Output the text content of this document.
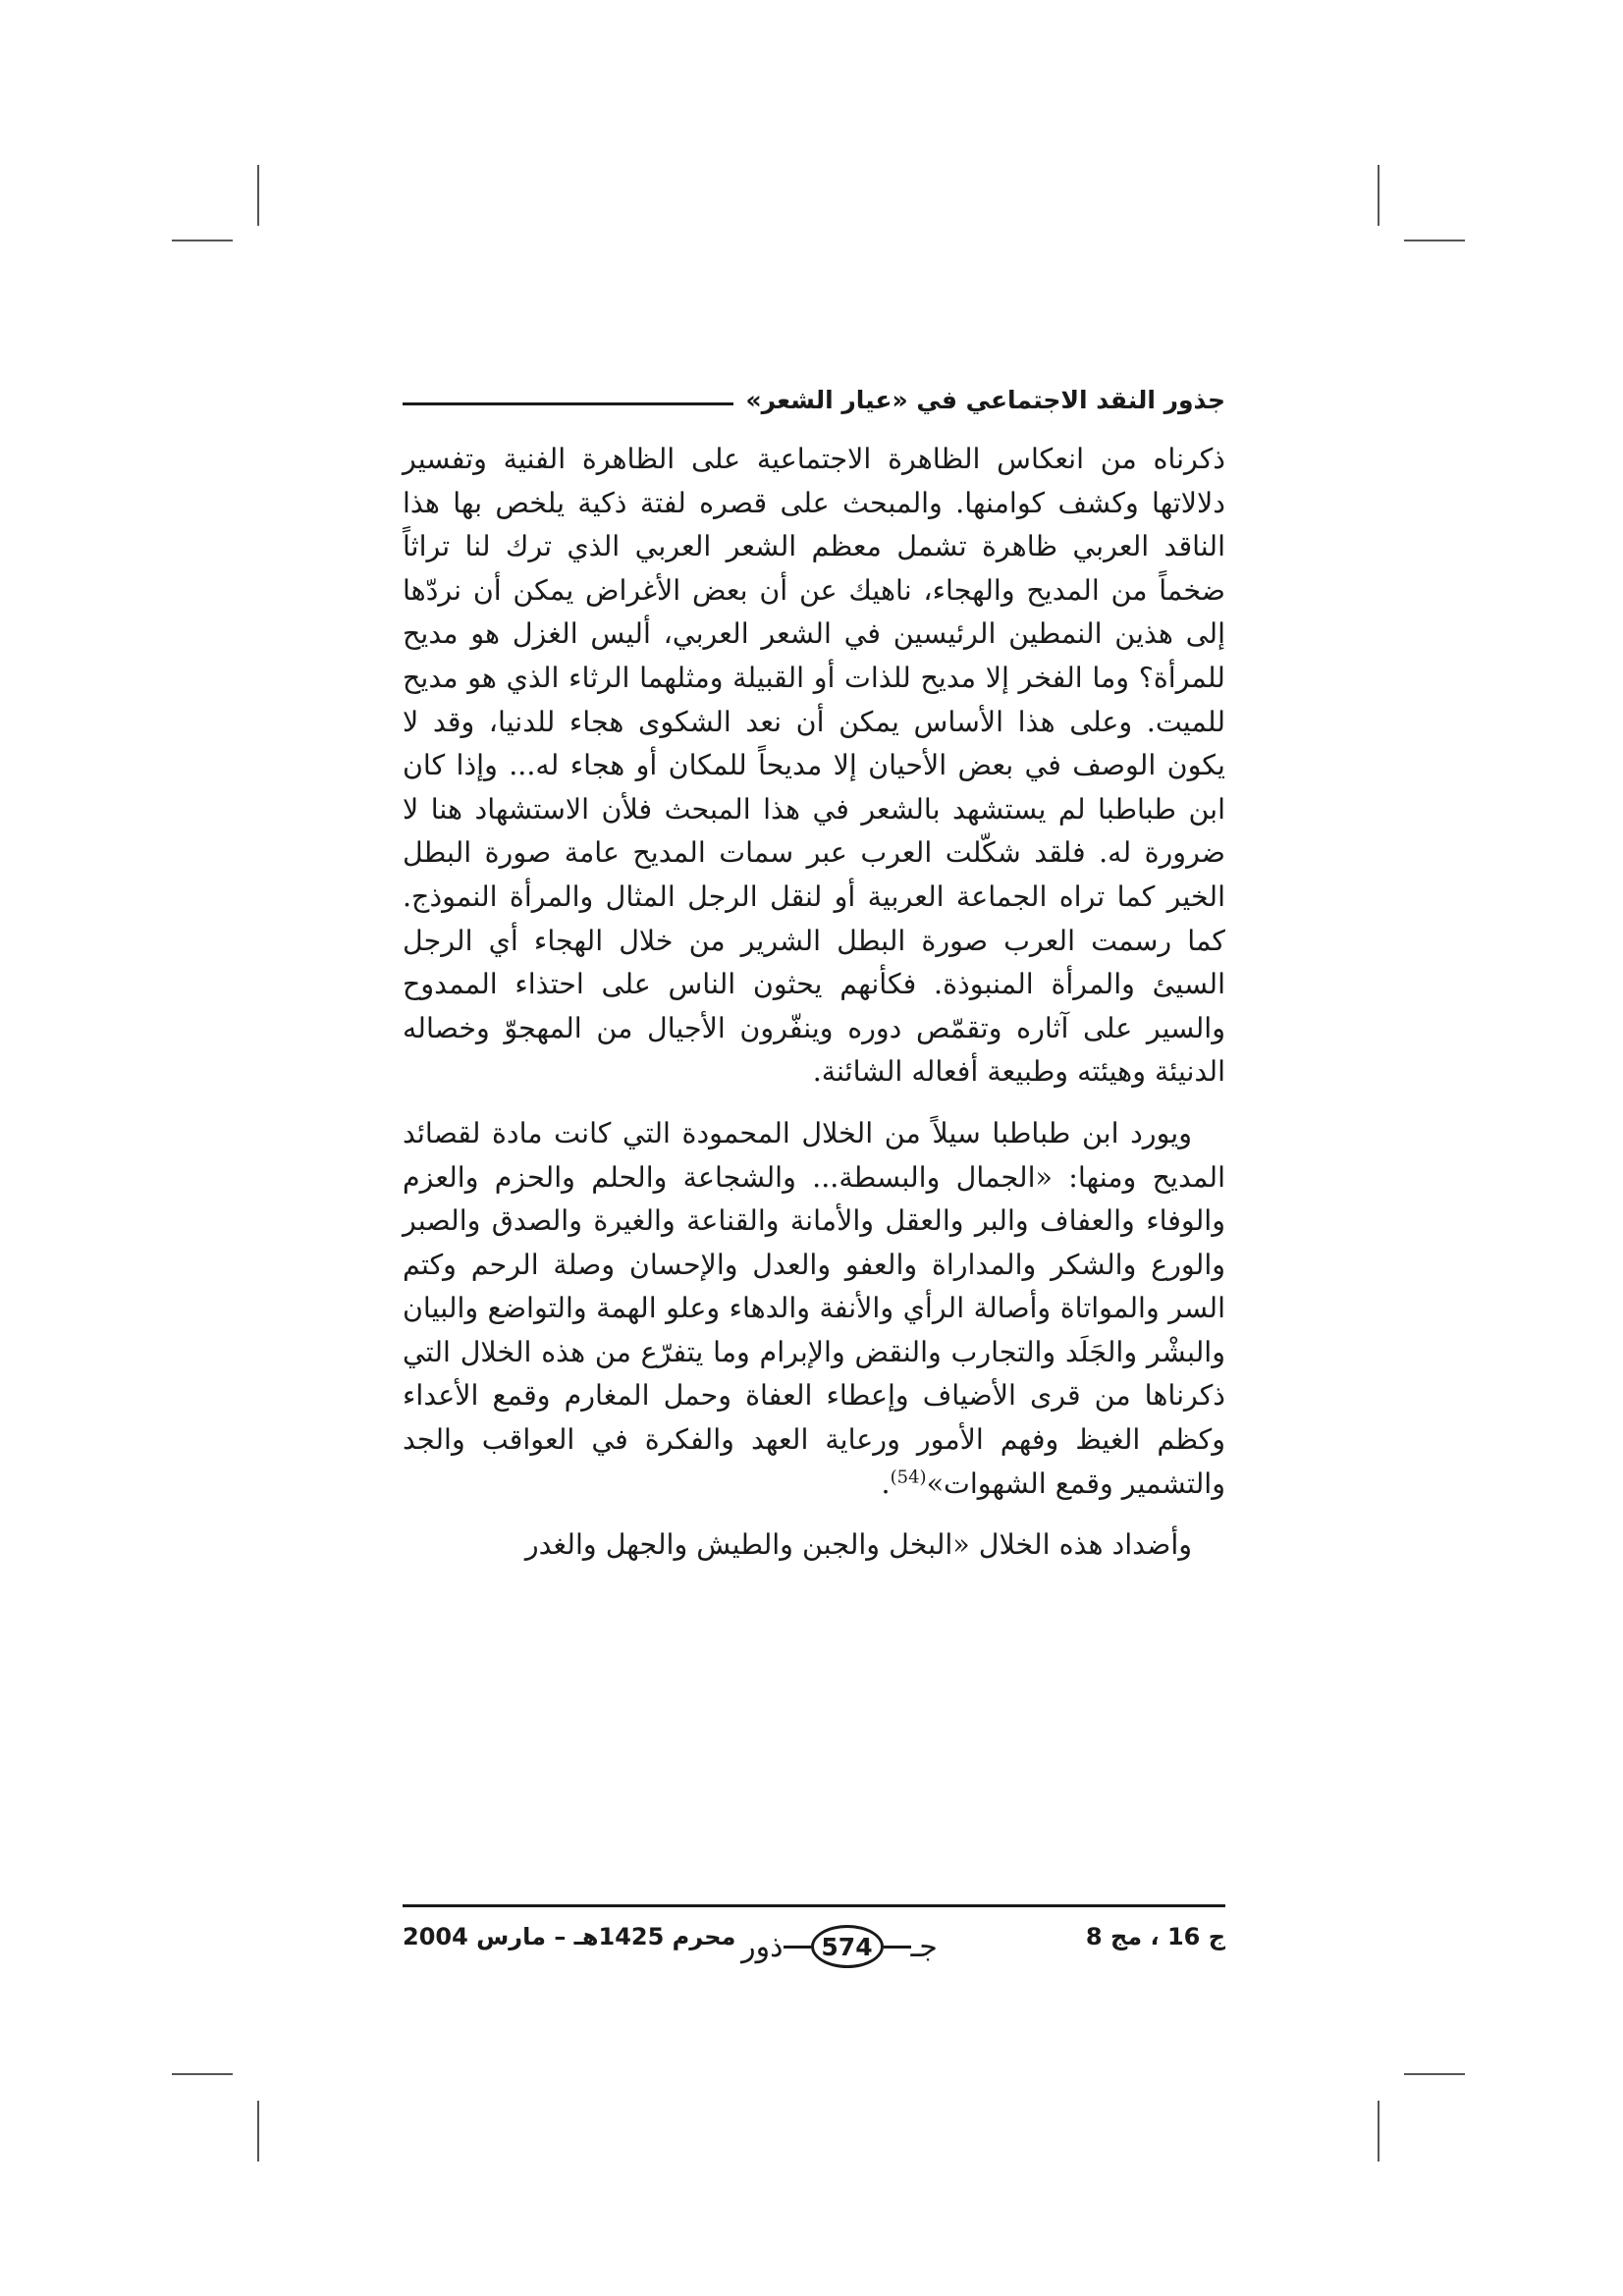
جذور النقد الاجتماعي في «عيار الشعر»

ذكرناه من انعكاس الظاهرة الاجتماعية على الظاهرة الفنية وتفسير دلالاتها وكشف كوامنها. والمبحث على قصره لفتة ذكية يلخص بها هذا الناقد العربي ظاهرة تشمل معظم الشعر العربي الذي ترك لنا تراثاً ضخماً من المديح والهجاء، ناهيك عن أن بعض الأغراض يمكن أن نردّها إلى هذين النمطين الرئيسين في الشعر العربي، أليس الغزل هو مديح للمرأة؟ وما الفخر إلا مديح للذات أو القبيلة ومثلهما الرثاء الذي هو مديح للميت. وعلى هذا الأساس يمكن أن نعد الشكوى هجاء للدنيا، وقد لا يكون الوصف في بعض الأحيان إلا مديحاً للمكان أو هجاء له... وإذا كان ابن طباطبا لم يستشهد بالشعر في هذا المبحث فلأن الاستشهاد هنا لا ضرورة له. فلقد شكّلت العرب عبر سمات المديح عامة صورة البطل الخير كما تراه الجماعة العربية أو لنقل الرجل المثال والمرأة النموذج. كما رسمت العرب صورة البطل الشرير من خلال الهجاء أي الرجل السيئ والمرأة المنبوذة. فكأنهم يحثون الناس على احتذاء الممدوح والسير على آثاره وتقمّص دوره وينفّرون الأجيال من المهجوّ وخصاله الدنيئة وهيئته وطبيعة أفعاله الشائنة.

ويورد ابن طباطبا سيلاً من الخلال المحمودة التي كانت مادة لقصائد المديح ومنها: «الجمال والبسطة... والشجاعة والحلم والحزم والعزم والوفاء والعفاف والبر والعقل والأمانة والقناعة والغيرة والصدق والصبر والورع والشكر والمداراة والعفو والعدل والإحسان وصلة الرحم وكتم السر والمواتاة وأصالة الرأي والأنفة والدهاء وعلو الهمة والتواضع والبيان والبشْر والجَلَد والتجارب والنقض والإبرام وما يتفرّع من هذه الخلال التي ذكرناها من قرى الأضياف وإعطاء العفاة وحمل المغارم وقمع الأعداء وكظم الغيظ وفهم الأمور ورعاية العهد والفكرة في العواقب والجد والتشمير وقمع الشهوات»$^{(54)}$.

وأضداد هذه الخلال «البخل والجبن والطيش والجهل والغدر

ج 16 ، مج 8
جـ
574
ذور
محرم 1425هـ – مارس 2004
